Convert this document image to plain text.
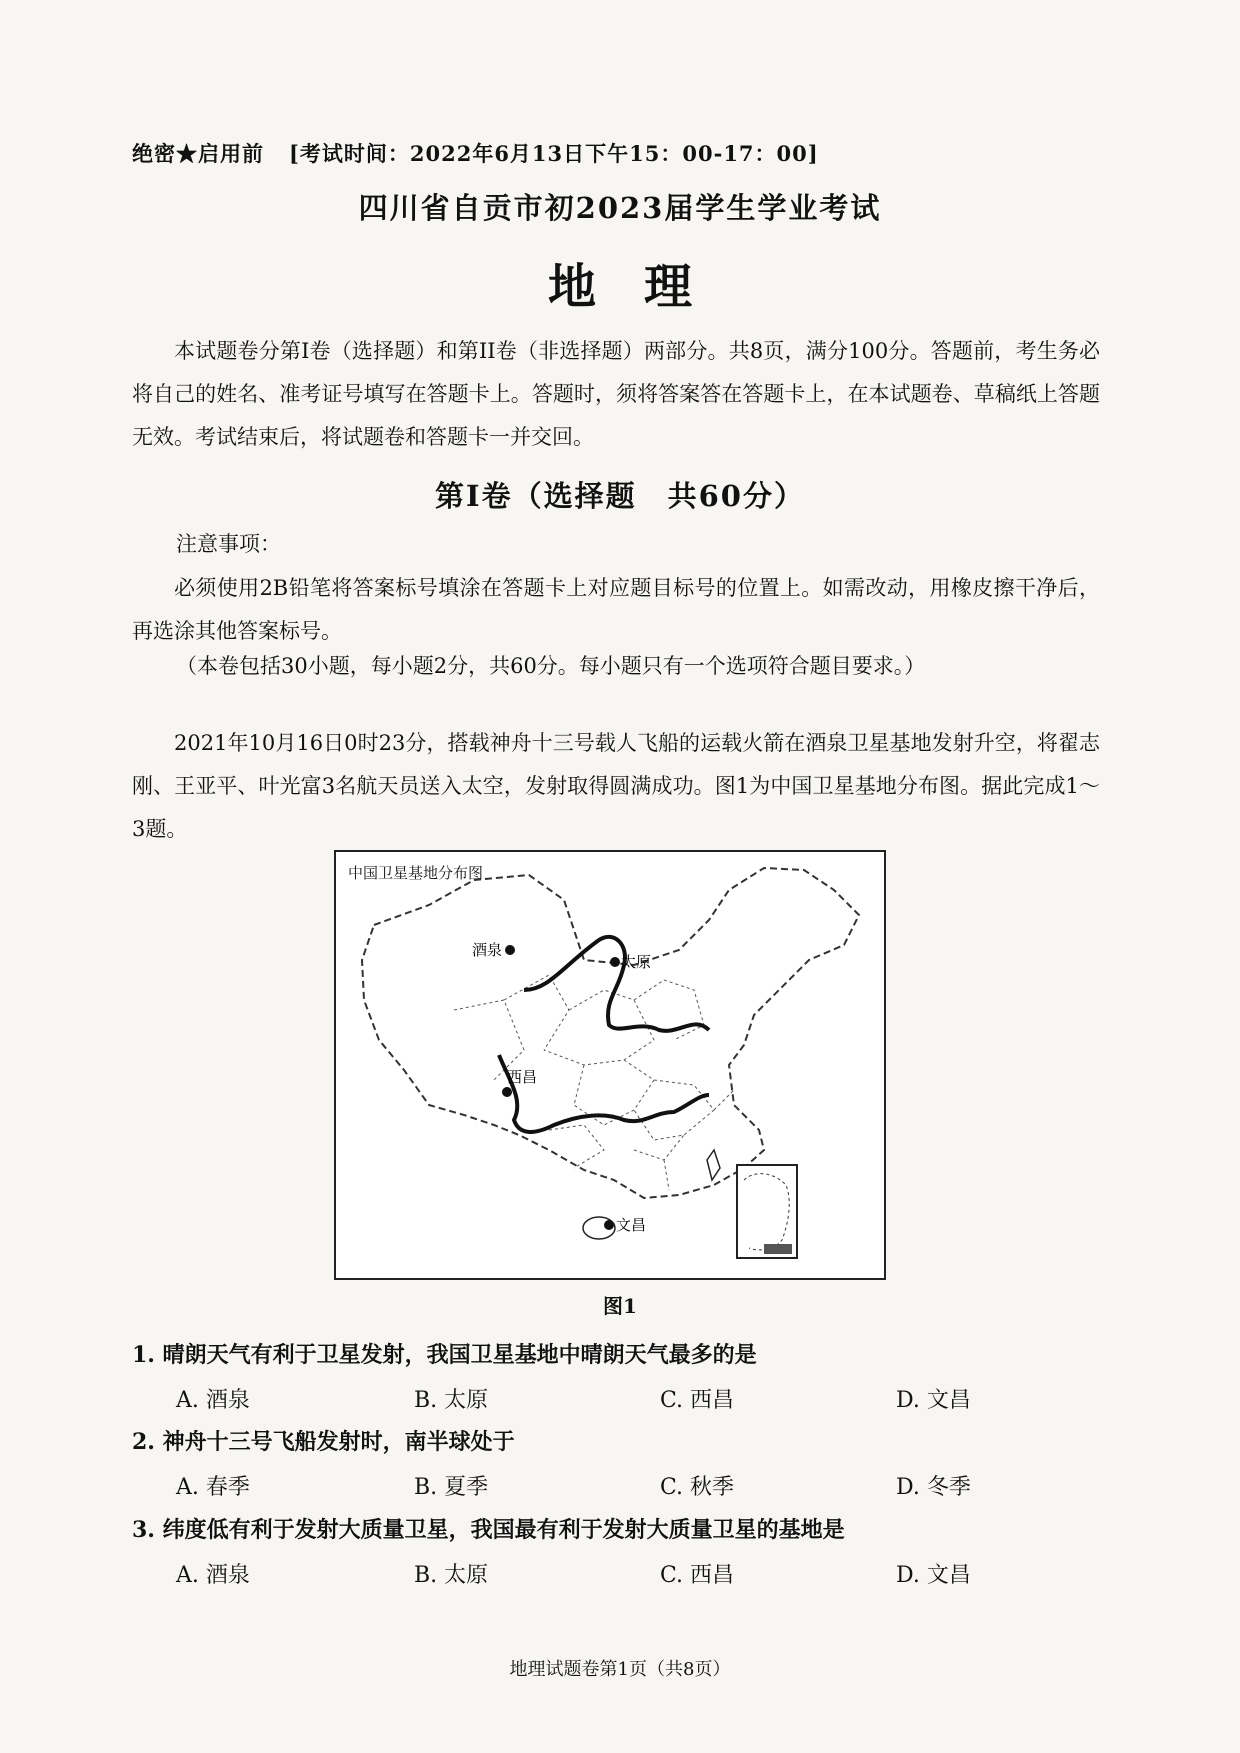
绝密★启用前 [考试时间：2022年6月13日下午15：00-17：00]
四川省自贡市初2023届学生学业考试
地理
本试题卷分第I卷（选择题）和第II卷（非选择题）两部分。共8页，满分100分。答题前，考生务必将自己的姓名、准考证号填写在答题卡上。答题时，须将答案答在答题卡上，在本试题卷、草稿纸上答题无效。考试结束后，将试题卷和答题卡一并交回。
第I卷（选择题　共60分）
注意事项：
必须使用2B铅笔将答案标号填涂在答题卡上对应题目标号的位置上。如需改动，用橡皮擦干净后，再选涂其他答案标号。
（本卷包括30小题，每小题2分，共60分。每小题只有一个选项符合题目要求。）
2021年10月16日0时23分，搭载神舟十三号载人飞船的运载火箭在酒泉卫星基地发射升空，将翟志刚、王亚平、叶光富3名航天员送入太空，发射取得圆满成功。图1为中国卫星基地分布图。据此完成1～3题。
酒泉
太原
西昌
文昌
中国卫星基地分布图
图1
1. 晴朗天气有利于卫星发射，我国卫星基地中晴朗天气最多的是
A. 酒泉	B. 太原	C. 西昌	D. 文昌
2. 神舟十三号飞船发射时，南半球处于
A. 春季	B. 夏季	C. 秋季	D. 冬季
3. 纬度低有利于发射大质量卫星，我国最有利于发射大质量卫星的基地是
A. 酒泉	B. 太原	C. 西昌	D. 文昌
地理试题卷第1页（共8页）
